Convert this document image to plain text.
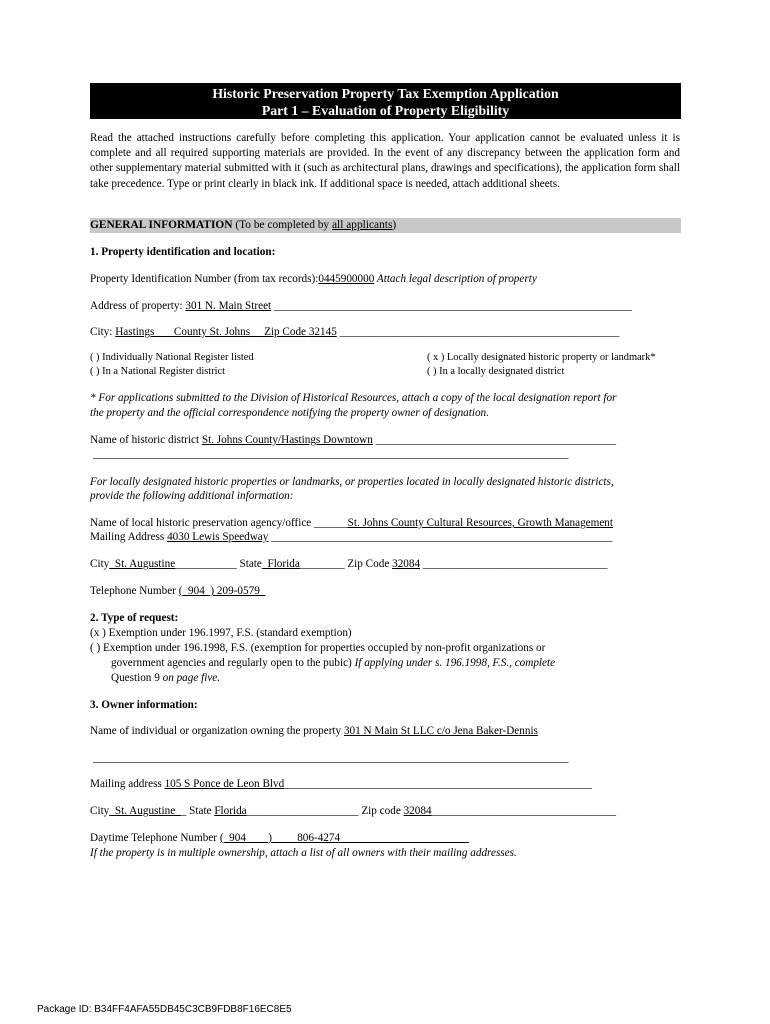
Historic Preservation Property Tax Exemption Application
Part 1 – Evaluation of Property Eligibility
Read the attached instructions carefully before completing this application. Your application cannot be evaluated unless it is complete and all required supporting materials are provided. In the event of any discrepancy between the application form and other supplementary material submitted with it (such as architectural plans, drawings and specifications), the application form shall take precedence. Type or print clearly in black ink. If additional space is needed, attach additional sheets.
GENERAL INFORMATION (To be completed by all applicants)
1. Property identification and location:
Property Identification Number (from tax records):0445900000 Attach legal description of property
Address of property: 301 N. Main Street ________________________________________________________________
City: Hastings___ County St. Johns__ Zip Code 32145 __________________________________________________
( ) Individually National Register listed
( ) In a National Register district
( x ) Locally designated historic property or landmark*
( ) In a locally designated district
* For applications submitted to the Division of Historical Resources, attach a copy of the local designation report for
the property and the official correspondence notifying the property owner of designation.
Name of historic district St. Johns County/Hastings Downtown ___________________________________________
_____________________________________________________________________________________
For locally designated historic properties or landmarks, or properties located in locally designated historic districts,
provide the following additional information:
Name of local historic preservation agency/office ______St. Johns County Cultural Resources, Growth Management
Mailing Address 4030 Lewis Speedway _____________________________________________________________
City_St. Augustine___________ State_Florida________ Zip Code 32084 _________________________________
Telephone Number (_904_) 209-0579_
2. Type of request:
(x ) Exemption under 196.1997, F.S. (standard exemption)
( ) Exemption under 196.1998, F.S. (exemption for properties occupied by non-profit organizations or
government agencies and regularly open to the pubic) If applying under s. 196.1998, F.S., complete
Question 9 on page five.
3. Owner information:
Name of individual or organization owning the property 301 N Main St LLC c/o Jena Baker-Dennis
_____________________________________________________________________________________
Mailing address 105 S Ponce de Leon Blvd_______________________________________________________
City_St. Augustine__ State Florida____________________ Zip code 32084_________________________________
Daytime Telephone Number (_904____) ____806-4274_______________________
If the property is in multiple ownership, attach a list of all owners with their mailing addresses.
Package ID: B34FF4AFA55DB45C3CB9FDB8F16EC8E5
